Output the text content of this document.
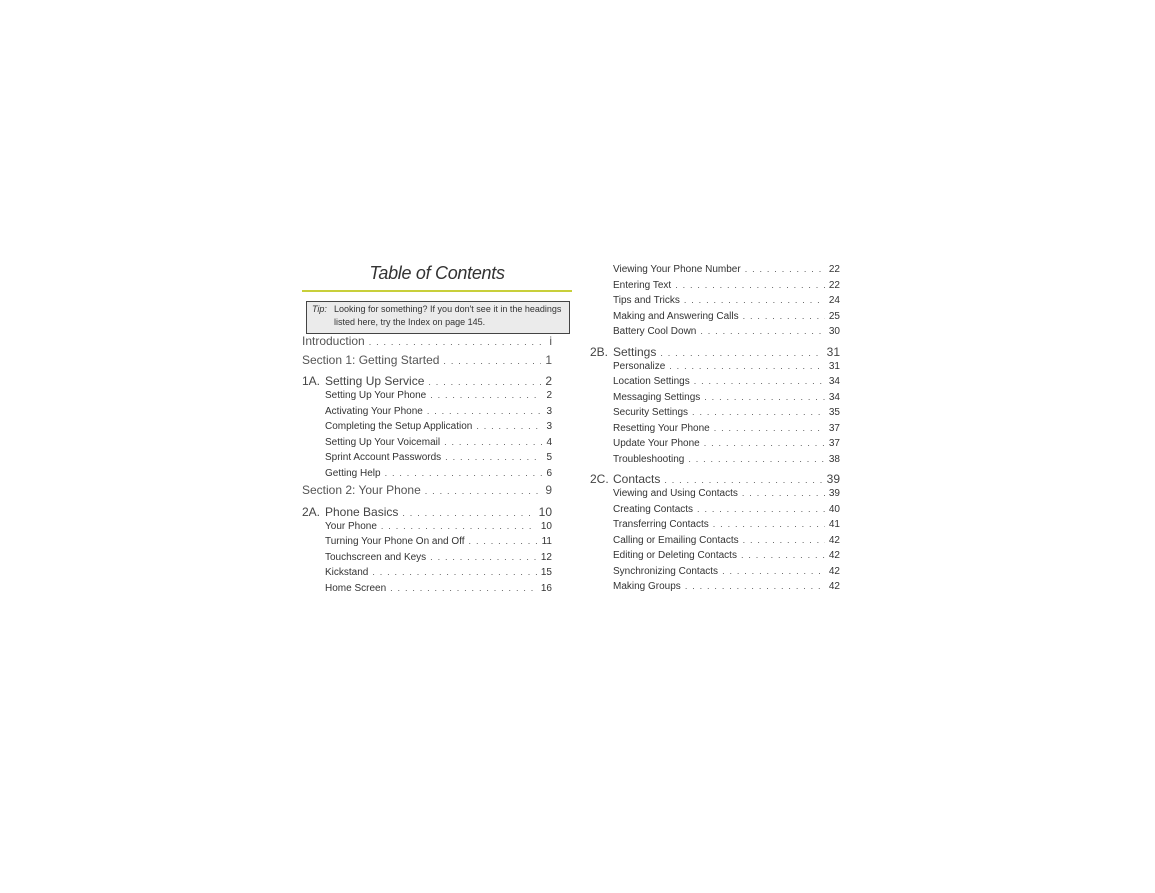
Table of Contents
Tip: Looking for something? If you don't see it in the headings
listed here, try the Index on page 145.
Introduction . . .	i
Section 1: Getting Started . . .	1
1A. Setting Up Service . . .	2
Setting Up Your Phone . . .	2
Activating Your Phone . . .	3
Completing the Setup Application . . .	3
Setting Up Your Voicemail . . .	4
Sprint Account Passwords . . .	5
Getting Help . . .	6
Section 2: Your Phone . . .	9
2A. Phone Basics . . .	10
Your Phone . . .	10
Turning Your Phone On and Off . . .	11
Touchscreen and Keys . . .	12
Kickstand . . .	15
Home Screen . . .	16
Viewing Your Phone Number . . .	22
Entering Text . . .	22
Tips and Tricks . . .	24
Making and Answering Calls . . .	25
Battery Cool Down . . .	30
2B. Settings . . .	31
Personalize . . .	31
Location Settings . . .	34
Messaging Settings . . .	34
Security Settings . . .	35
Resetting Your Phone . . .	37
Update Your Phone . . .	37
Troubleshooting . . .	38
2C. Contacts . . .	39
Viewing and Using Contacts . . .	39
Creating Contacts . . .	40
Transferring Contacts . . .	41
Calling or Emailing Contacts . . .	42
Editing or Deleting Contacts . . .	42
Synchronizing Contacts . . .	42
Making Groups . . .	42
